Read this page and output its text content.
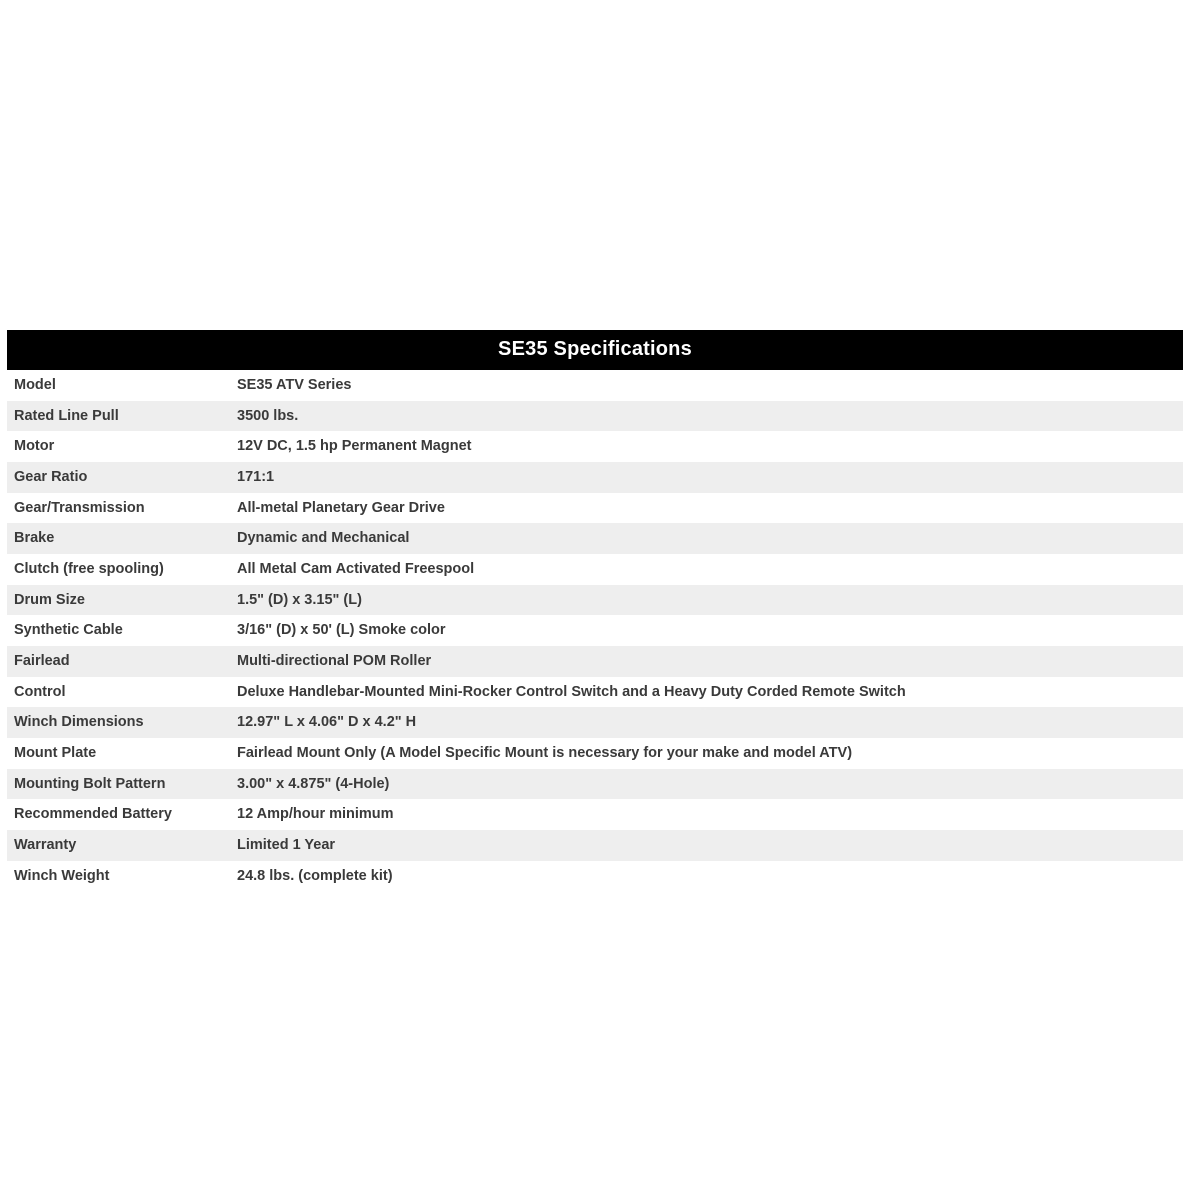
SE35 Specifications
Model	SE35 ATV Series
Rated Line Pull	3500 lbs.
Motor	12V DC, 1.5 hp Permanent Magnet
Gear Ratio	171:1
Gear/Transmission	All-metal Planetary Gear Drive
Brake	Dynamic and Mechanical
Clutch (free spooling)	All Metal Cam Activated Freespool
Drum Size	1.5" (D) x 3.15" (L)
Synthetic Cable	3/16" (D) x 50' (L) Smoke color
Fairlead	Multi-directional POM Roller
Control	Deluxe Handlebar-Mounted Mini-Rocker Control Switch and a Heavy Duty Corded Remote Switch
Winch Dimensions	12.97" L x 4.06" D x 4.2" H
Mount Plate	Fairlead Mount Only (A Model Specific Mount is necessary for your make and model ATV)
Mounting Bolt Pattern	3.00" x 4.875" (4-Hole)
Recommended Battery	12 Amp/hour minimum
Warranty	Limited 1 Year
Winch Weight	24.8 lbs. (complete kit)
